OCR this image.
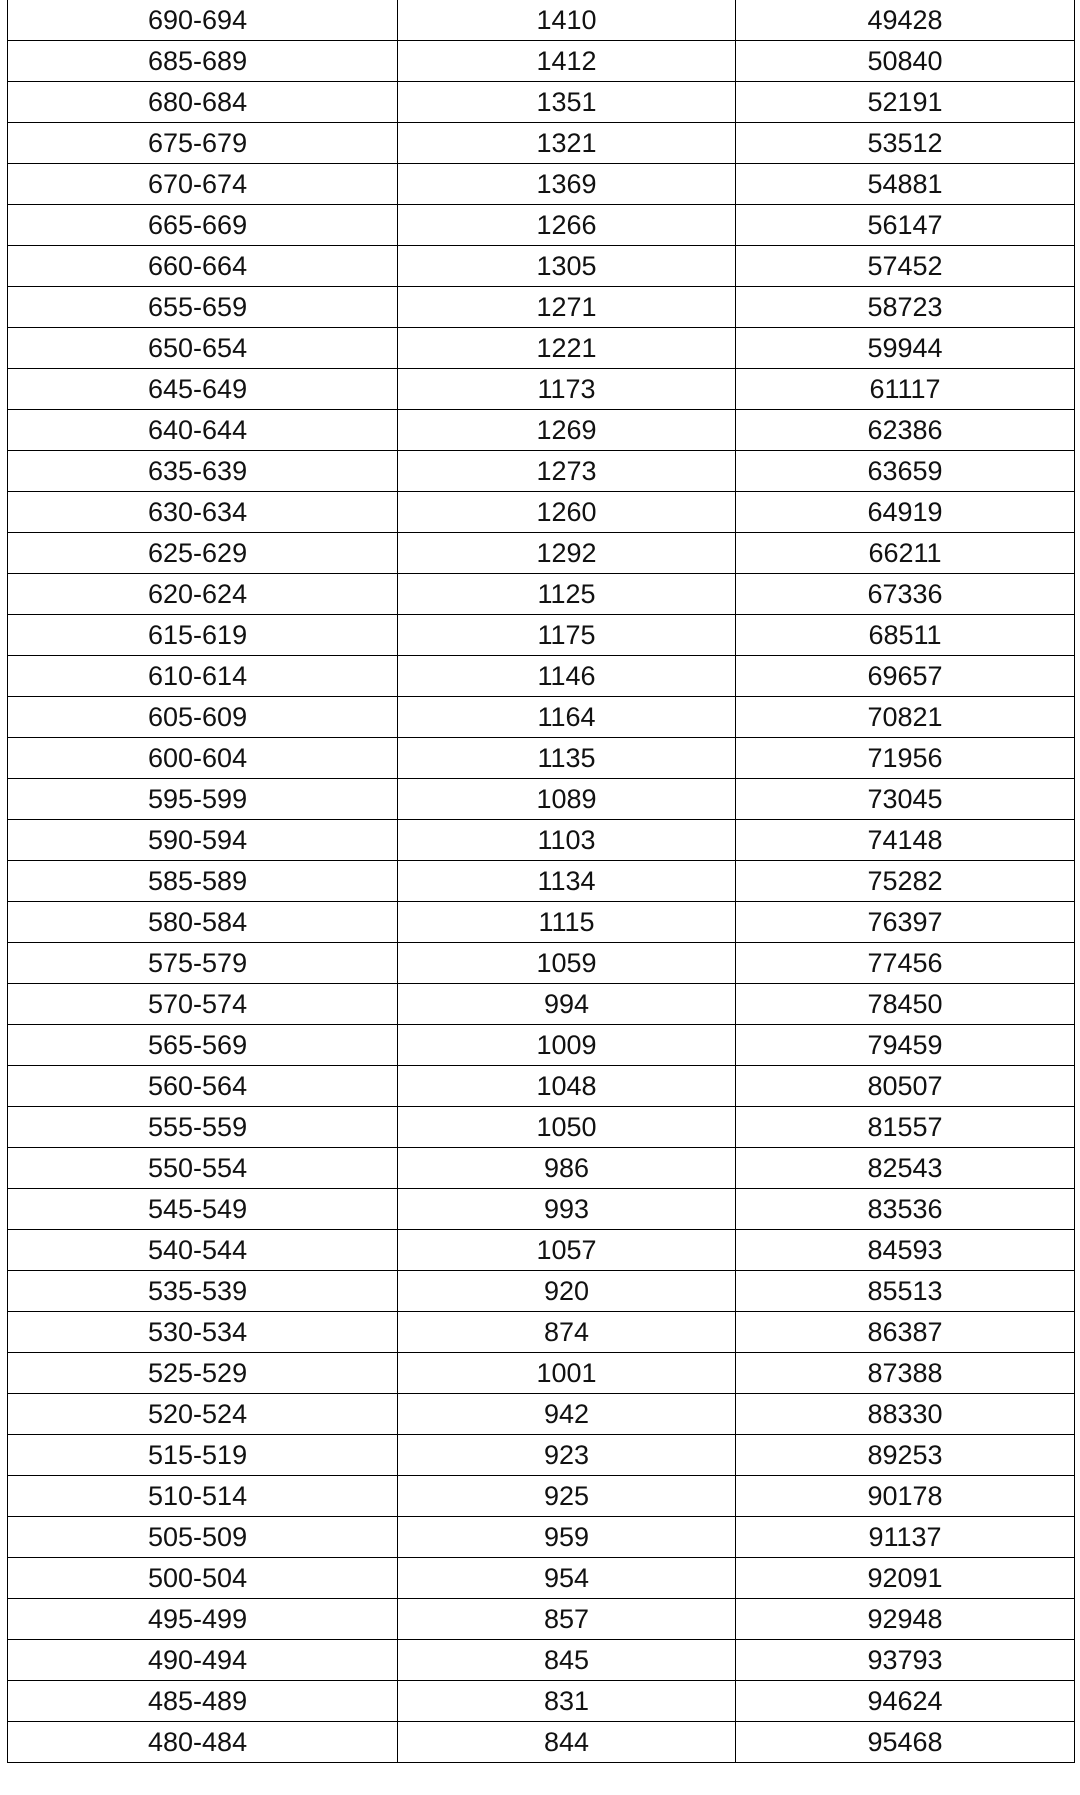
690-694	1410	49428
685-689	1412	50840
680-684	1351	52191
675-679	1321	53512
670-674	1369	54881
665-669	1266	56147
660-664	1305	57452
655-659	1271	58723
650-654	1221	59944
645-649	1173	61117
640-644	1269	62386
635-639	1273	63659
630-634	1260	64919
625-629	1292	66211
620-624	1125	67336
615-619	1175	68511
610-614	1146	69657
605-609	1164	70821
600-604	1135	71956
595-599	1089	73045
590-594	1103	74148
585-589	1134	75282
580-584	1115	76397
575-579	1059	77456
570-574	994	78450
565-569	1009	79459
560-564	1048	80507
555-559	1050	81557
550-554	986	82543
545-549	993	83536
540-544	1057	84593
535-539	920	85513
530-534	874	86387
525-529	1001	87388
520-524	942	88330
515-519	923	89253
510-514	925	90178
505-509	959	91137
500-504	954	92091
495-499	857	92948
490-494	845	93793
485-489	831	94624
480-484	844	95468
